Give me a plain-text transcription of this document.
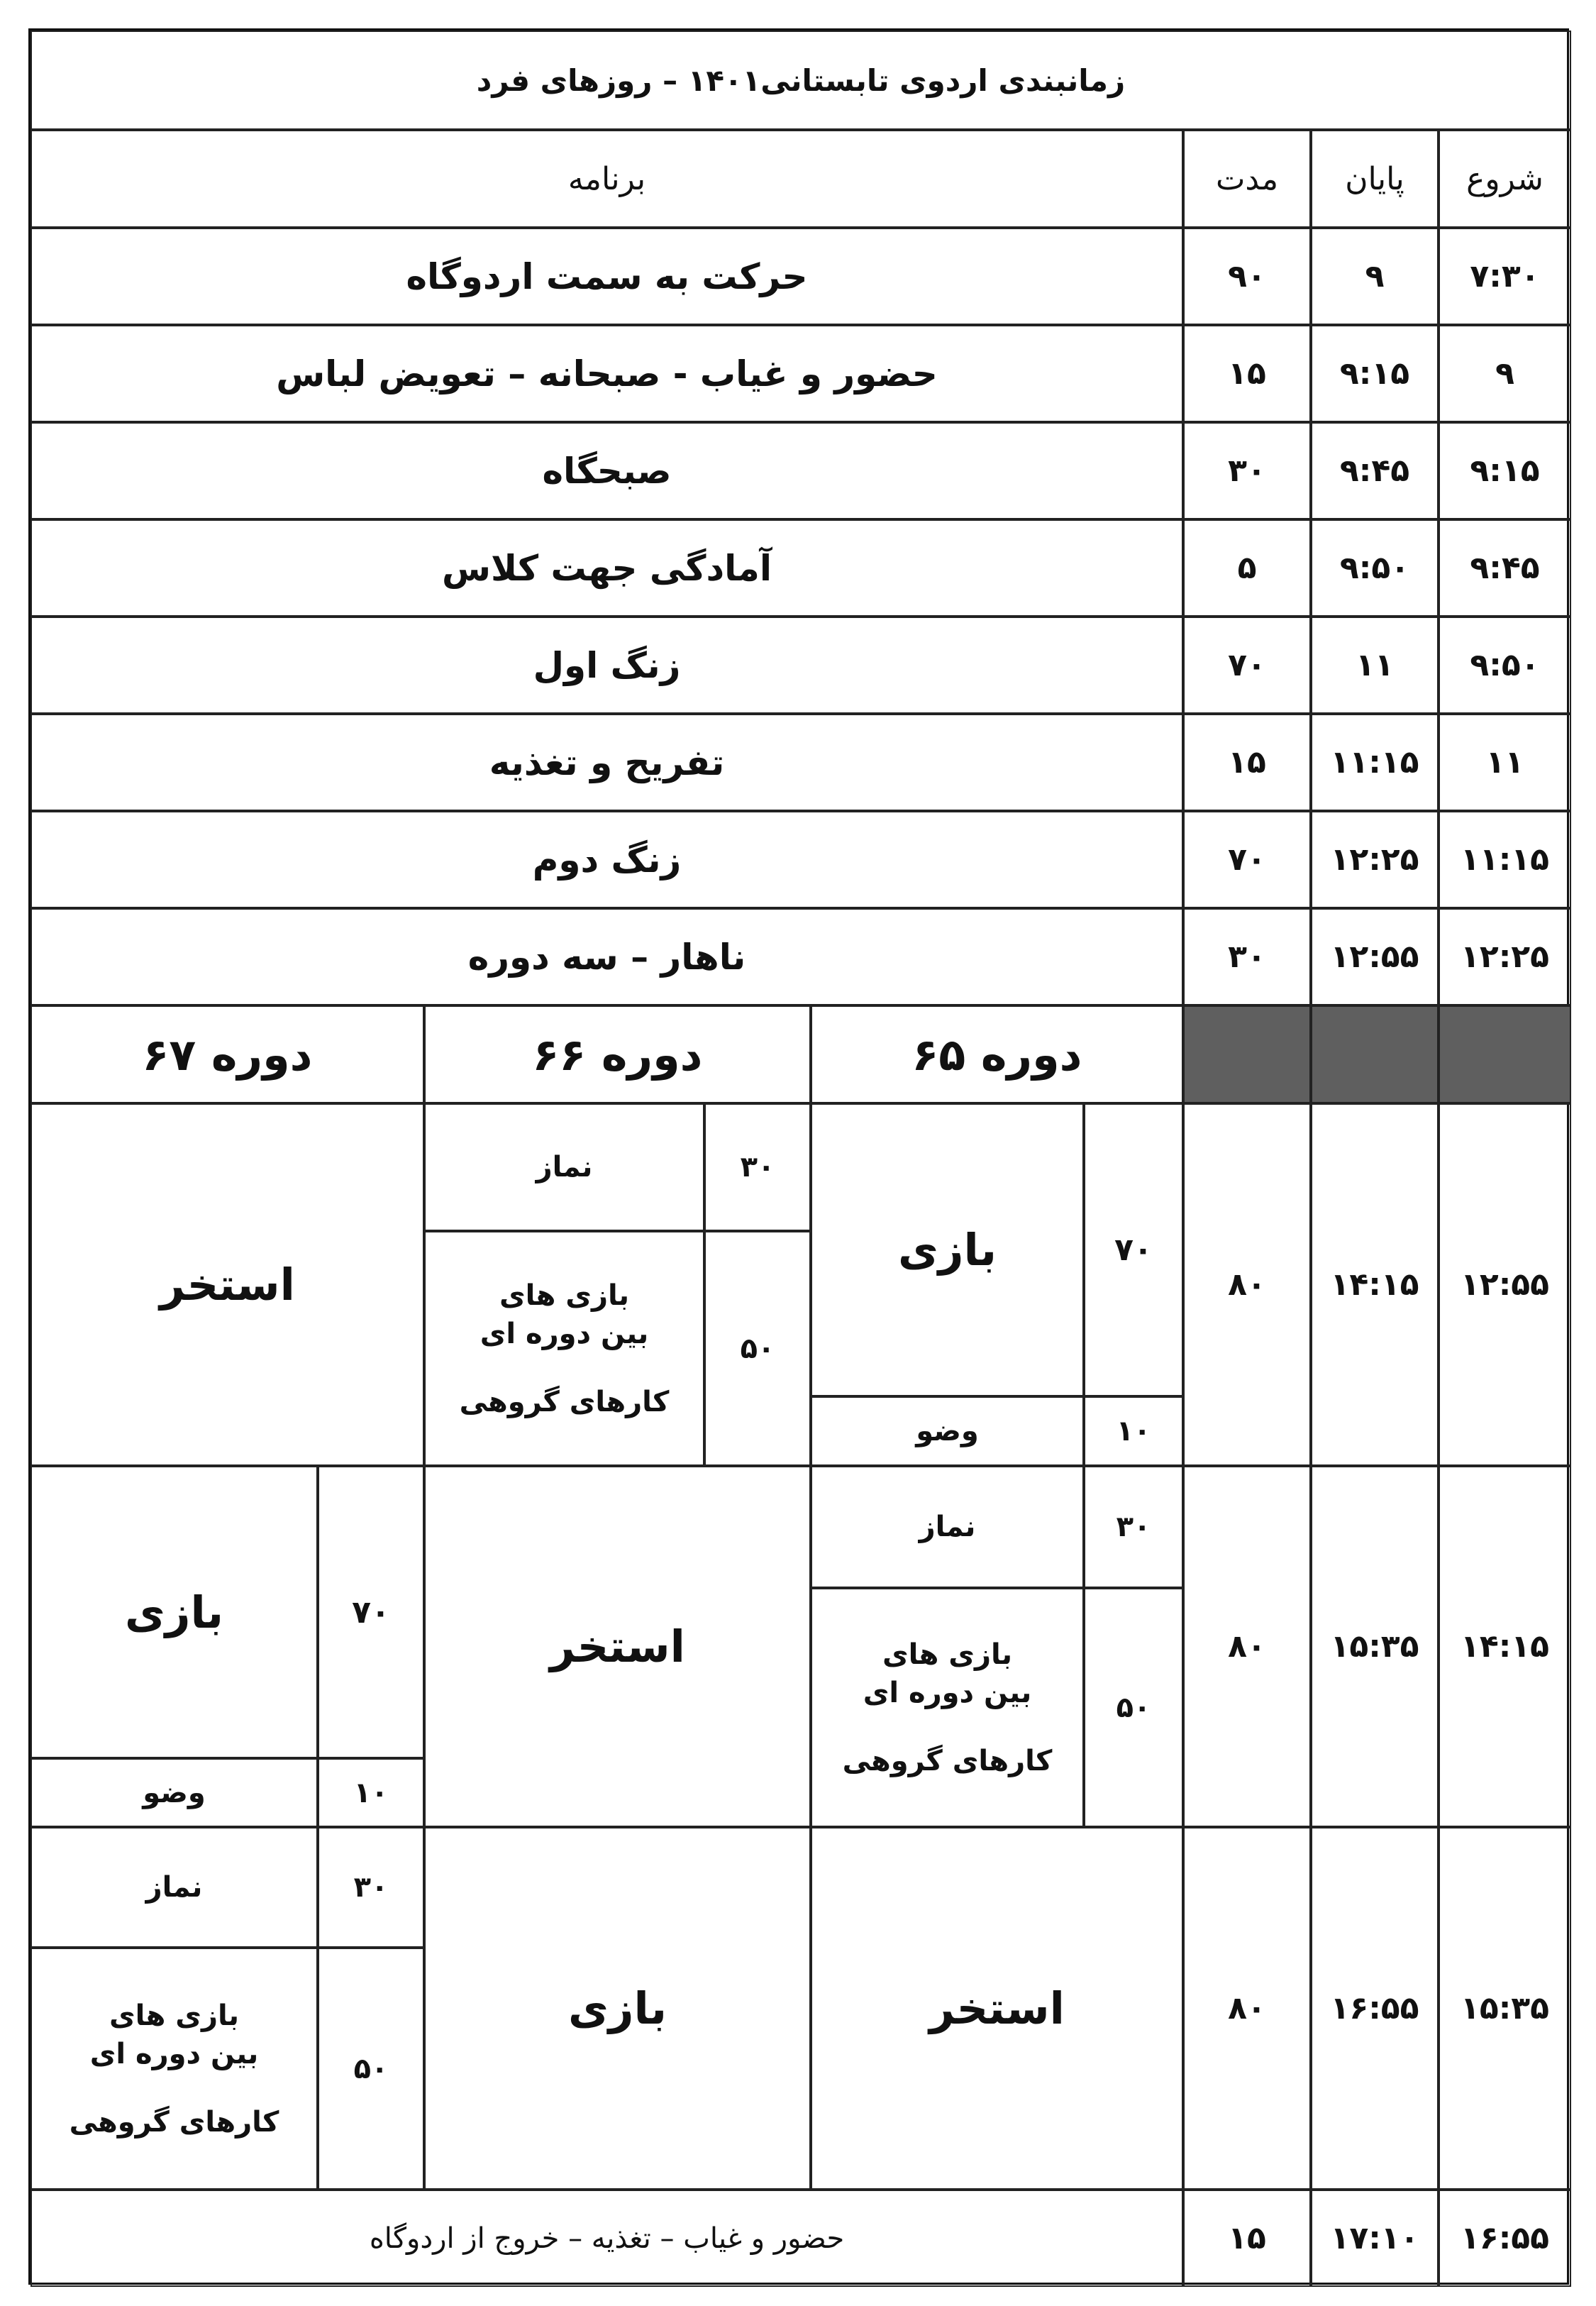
زمانبندی اردوی تابستانی۱۴۰۱ – روزهای فرد
شروع
پایان
مدت
برنامه
۷:۳۰
۹
۹۰
حرکت به سمت اردوگاه
۹
۹:۱۵
۱۵
حضور و غیاب - صبحانه – تعویض لباس
۹:۱۵
۹:۴۵
۳۰
صبحگاه
۹:۴۵
۹:۵۰
۵
آمادگی جهت کلاس
۹:۵۰
۱۱
۷۰
زنگ اول
۱۱
۱۱:۱۵
۱۵
تفریح و تغذیه
۱۱:۱۵
۱۲:۲۵
۷۰
زنگ دوم
۱۲:۲۵
۱۲:۵۵
۳۰
ناهار – سه دوره
دوره ۶۵
دوره ۶۶
دوره ۶۷
۱۲:۵۵
۱۴:۱۵
۸۰
۱۴:۱۵
۱۵:۳۵
۸۰
۱۵:۳۵
۱۶:۵۵
۸۰
۷۰
بازی
۱۰
وضو
۳۰
نماز
۵۰
بازی های
بین دوره ای
کارهای گروهی
استخر
۳۰
نماز
۵۰
بازی های
بین دوره ای
کارهای گروهی
استخر
۷۰
بازی
۱۰
وضو
استخر
بازی
۳۰
نماز
۵۰
بازی های
بین دوره ای
کارهای گروهی
۱۶:۵۵
۱۷:۱۰
۱۵
حضور و غیاب – تغذیه – خروج از اردوگاه
